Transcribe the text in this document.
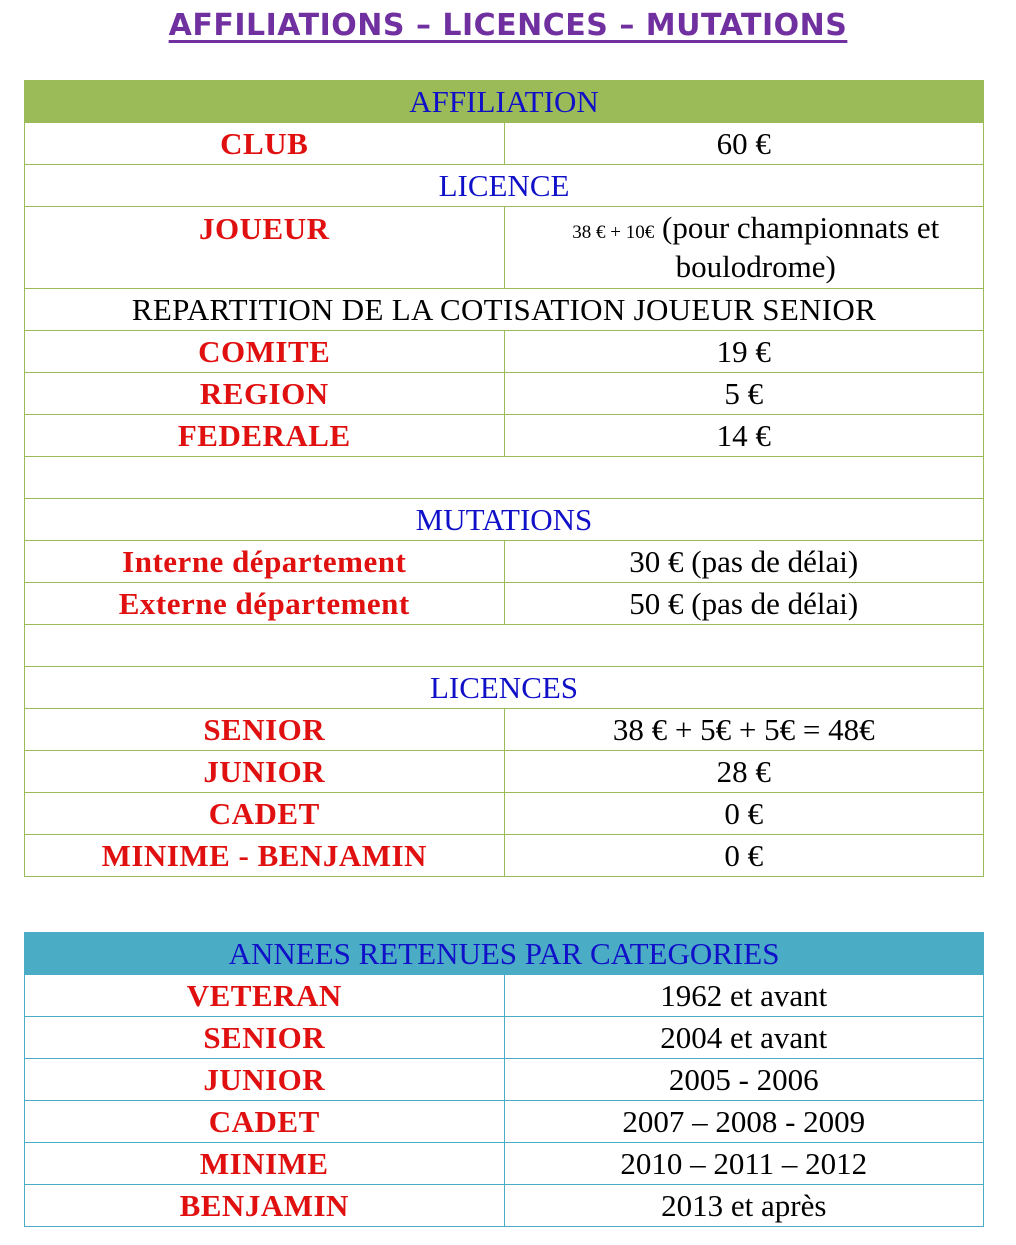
AFFILIATIONS – LICENCES – MUTATIONS
AFFILIATION	
CLUB	60 €
LICENCE	
JOUEUR	38 € + 10€ (pour championnats et boulodrome)
REPARTITION DE LA COTISATION JOUEUR SENIOR	
COMITE	19 €
REGION	5 €
FEDERALE	14 €

MUTATIONS	
Interne département	30 € (pas de délai)
Externe département	50 € (pas de délai)

LICENCES	
SENIOR	38 € + 5€ + 5€ = 48€
JUNIOR	28 €
CADET	0 €
MINIME - BENJAMIN	0 €
ANNEES RETENUES PAR CATEGORIES	
VETERAN	1962 et avant
SENIOR	2004 et avant
JUNIOR	2005 - 2006
CADET	2007 – 2008 - 2009
MINIME	2010 – 2011 – 2012
BENJAMIN	2013 et après
